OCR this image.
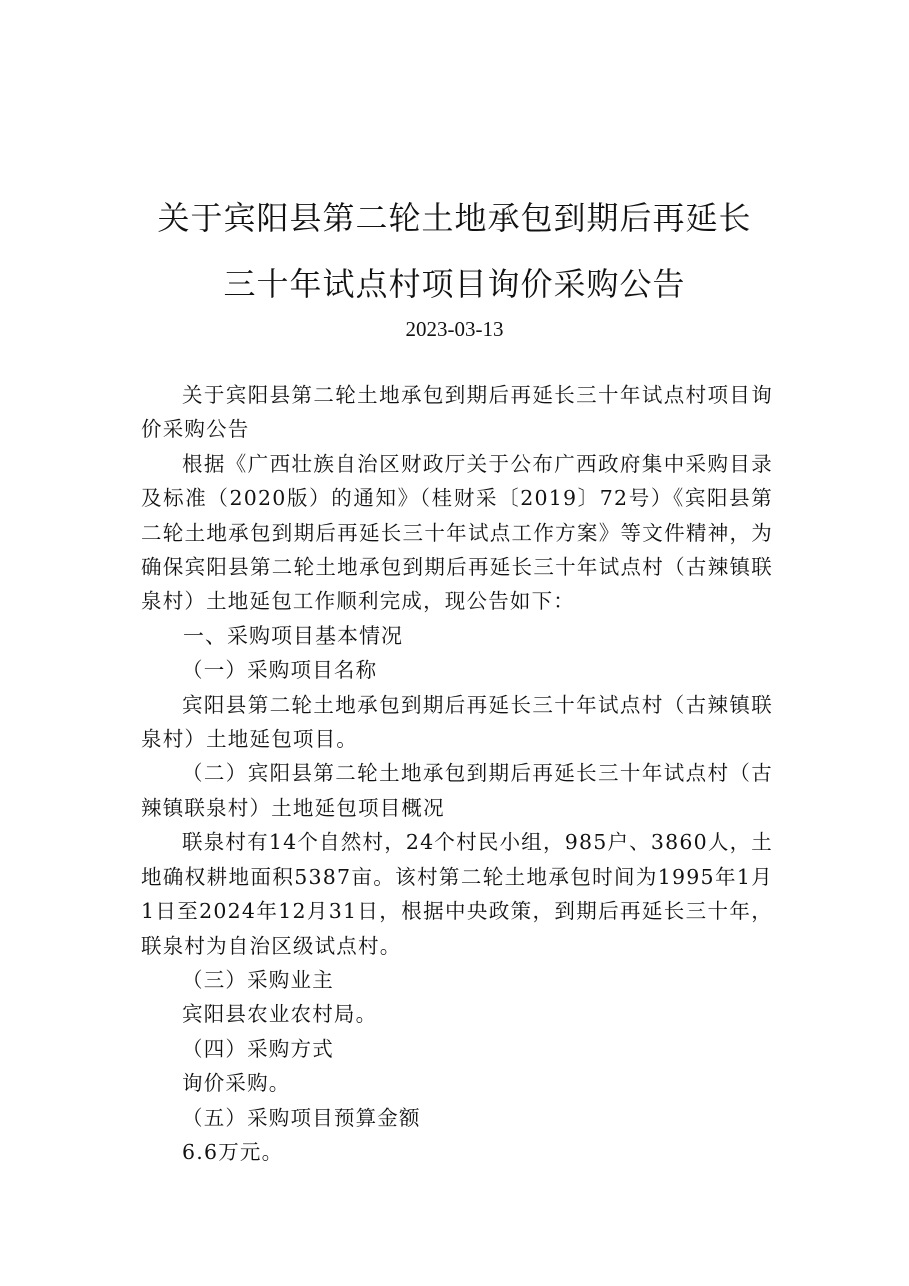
关于宾阳县第二轮土地承包到期后再延长
三十年试点村项目询价采购公告
2023-03-13

关于宾阳县第二轮土地承包到期后再延长三十年试点村项目询价采购公告

根据《广西壮族自治区财政厅关于公布广西政府集中采购目录及标准（2020版）的通知》（桂财采〔2019〕72号）《宾阳县第二轮土地承包到期后再延长三十年试点工作方案》等文件精神，为确保宾阳县第二轮土地承包到期后再延长三十年试点村（古辣镇联泉村）土地延包工作顺利完成，现公告如下：

一、采购项目基本情况

（一）采购项目名称

宾阳县第二轮土地承包到期后再延长三十年试点村（古辣镇联泉村）土地延包项目。

（二）宾阳县第二轮土地承包到期后再延长三十年试点村（古辣镇联泉村）土地延包项目概况

联泉村有14个自然村，24个村民小组，985户、3860人，土地确权耕地面积5387亩。该村第二轮土地承包时间为1995年1月1日至2024年12月31日，根据中央政策，到期后再延长三十年，联泉村为自治区级试点村。

（三）采购业主

宾阳县农业农村局。

（四）采购方式

询价采购。

（五）采购项目预算金额

6.6万元。
